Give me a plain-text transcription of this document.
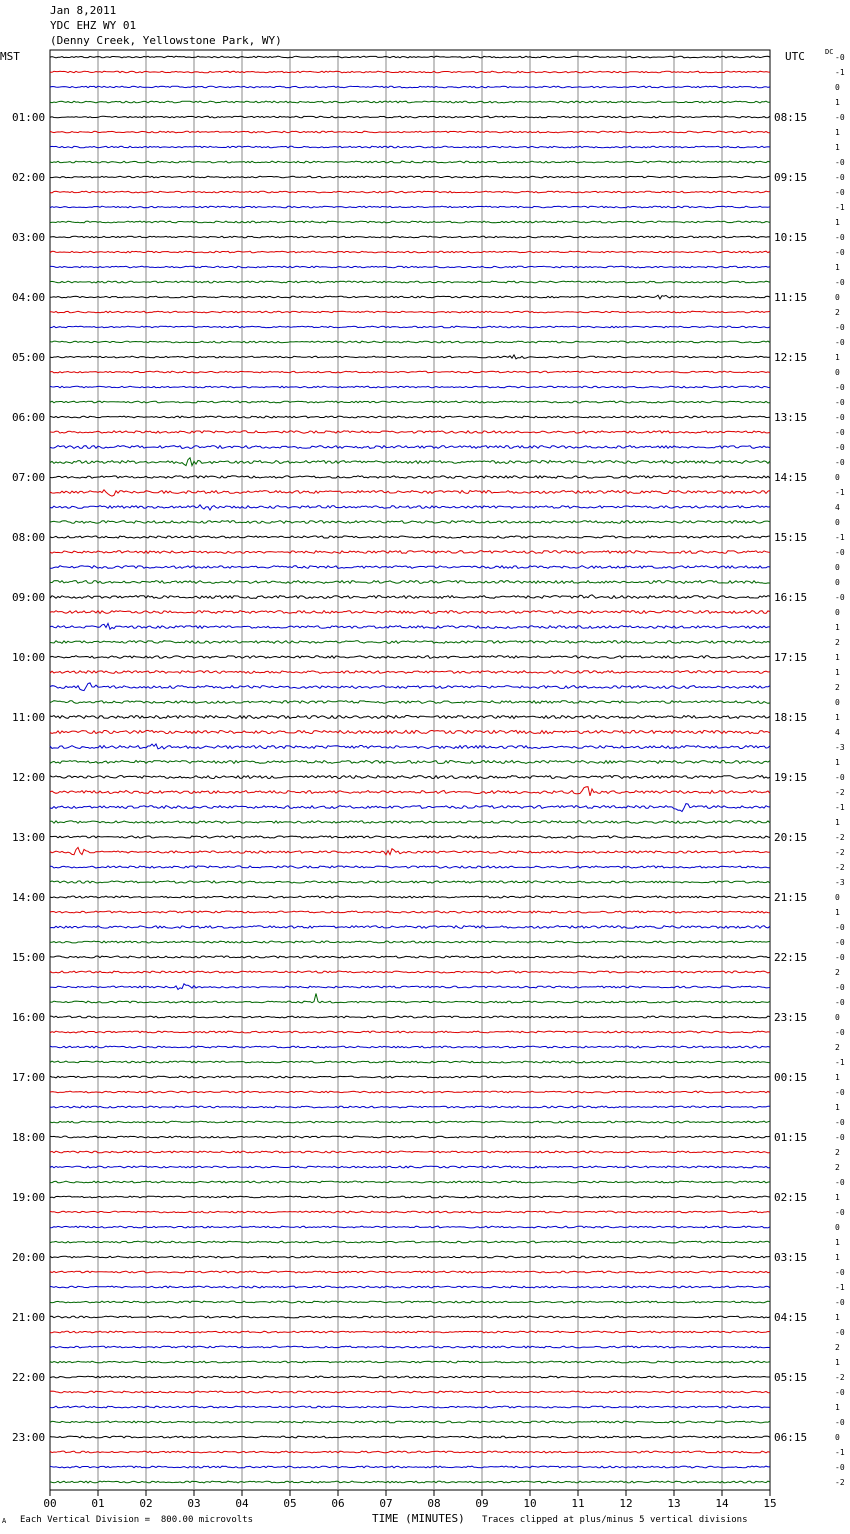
Jan 8,2011
YDC EHZ WY 01
(Denny Creek, Yellowstone Park, WY)
MST	UTC	DC
-0
-1
0
1
-0
1
1
-0
-0
-0
-1
1
-0
-0
1
-0
0
2
-0
-0
1
0
-0
-0
-0
-0
-0
-0
0
-1
4
0
-1
-0
0
0
-0
0
1
2
1
1
2
0
1
4
-3
1
-0
-2
-1
1
-2
-2
-2
-3
0
1
-0
-0
-0
2
-0
-0
0
-0
2
-1
1
-0
1
-0
-0
2
2
-0
1
-0
0
1
1
-0
-1
-0
1
-0
2
1
-2
-0
1
-0
0
-1
-0
-2
01:00
02:00
03:00
04:00
05:00
06:00
07:00
08:00
09:00
10:00
11:00
12:00
13:00
14:00
15:00
16:00
17:00
18:00
19:00
20:00
21:00
22:00
23:00
08:15
09:15
10:15
11:15
12:15
13:15
14:15
15:15
16:15
17:15
18:15
19:15
20:15
21:15
22:15
23:15
00:15
01:15
02:15
03:15
04:15
05:15
06:15
00	01	02	03	04	05	06	07	08	09	10	11	12	13	14	15
A Each Vertical Division =  800.00 microvolts	TIME (MINUTES) Traces clipped at plus/minus 5 vertical divisions
